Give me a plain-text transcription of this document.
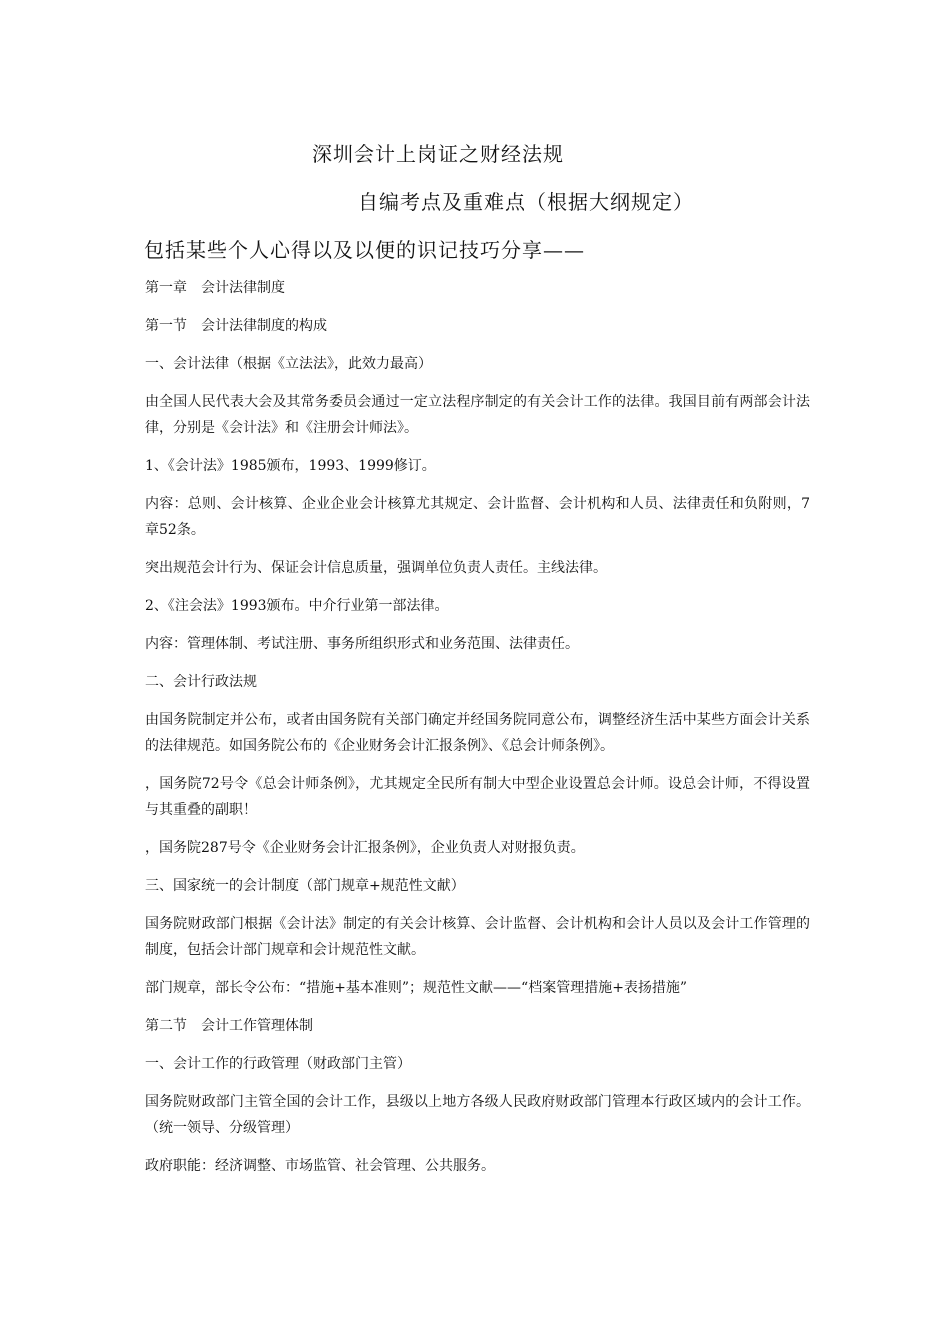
深圳会计上岗证之财经法规
自编考点及重难点（根据大纲规定）
包括某些个人心得以及以便的识记技巧分享——

第一章　会计法律制度

第一节　会计法律制度的构成

一、会计法律（根据《立法法》，此效力最高）

由全国人民代表大会及其常务委员会通过一定立法程序制定的有关会计工作的法律。我国目前有两部会计法律，分别是《会计法》和《注册会计师法》。

1、《会计法》1985颁布，1993、1999修订。

内容：总则、会计核算、企业企业会计核算尤其规定、会计监督、会计机构和人员、法律责任和负附则，7章52条。

突出规范会计行为、保证会计信息质量，强调单位负责人责任。主线法律。

2、《注会法》1993颁布。中介行业第一部法律。

内容：管理体制、考试注册、事务所组织形式和业务范围、法律责任。

二、会计行政法规

由国务院制定并公布，或者由国务院有关部门确定并经国务院同意公布，调整经济生活中某些方面会计关系的法律规范。如国务院公布的《企业财务会计汇报条例》、《总会计师条例》。

，国务院72号令《总会计师条例》，尤其规定全民所有制大中型企业设置总会计师。设总会计师，不得设置与其重叠的副职！

，国务院287号令《企业财务会计汇报条例》，企业负责人对财报负责。

三、国家统一的会计制度（部门规章+规范性文献）

国务院财政部门根据《会计法》制定的有关会计核算、会计监督、会计机构和会计人员以及会计工作管理的制度，包括会计部门规章和会计规范性文献。

部门规章，部长令公布：“措施+基本准则”；规范性文献——“档案管理措施+表扬措施”

第二节　会计工作管理体制

一、会计工作的行政管理（财政部门主管）

国务院财政部门主管全国的会计工作，县级以上地方各级人民政府财政部门管理本行政区域内的会计工作。（统一领导、分级管理）

政府职能：经济调整、市场监管、社会管理、公共服务。
